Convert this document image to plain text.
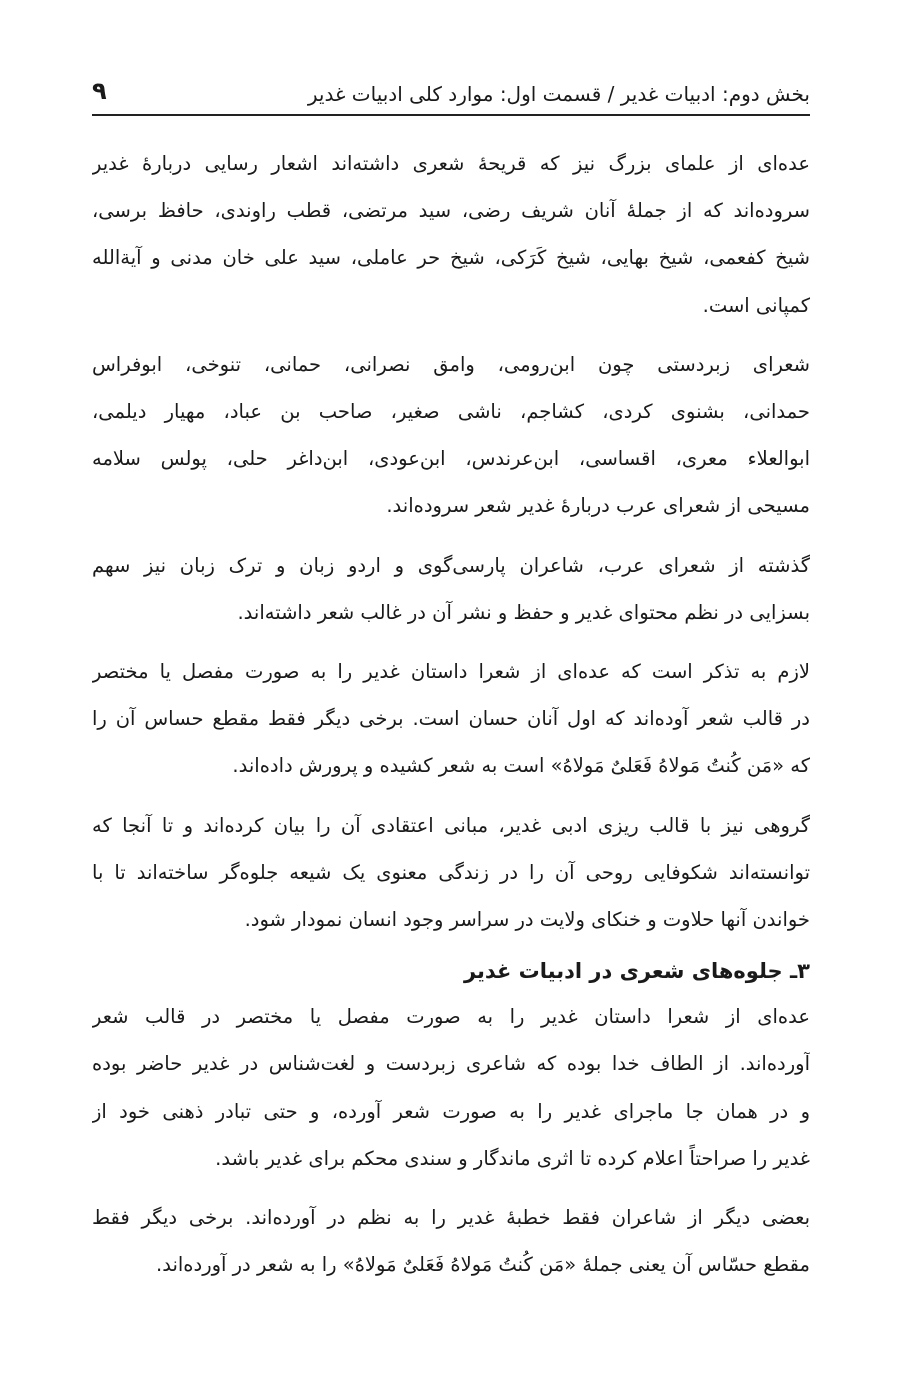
بخش دوم: ادبیات غدیر / قسمت اول: موارد کلی ادبیات غدیر
۹

عده‌ای از علمای بزرگ نیز که قریحهٔ شعری داشته‌اند اشعار رسایی دربارهٔ غدیر

سروده‌اند که از جملهٔ آنان شریف رضی، سید مرتضی، قطب راوندی، حافظ برسی،

شیخ کفعمی، شیخ بهایی، شیخ کَرَکی، شیخ حر عاملی، سید علی خان مدنی و آیة‌الله

کمپانی است.

شعرای زبردستی چون ابن‌رومی، وامق نصرانی، حمانی، تنوخی، ابوفراس

حمدانی، بشنوی کردی، کشاجم، ناشی صغیر، صاحب بن عباد، مهیار دیلمی،

ابوالعلاء معری، اقساسی، ابن‌عرندس، ابن‌عودی، ابن‌داغر حلی، پولس سلامه

مسیحی از شعرای عرب دربارهٔ غدیر شعر سروده‌اند.

گذشته از شعرای عرب، شاعران پارسی‌گوی و اردو زبان و ترک زبان نیز سهم

بسزایی در نظم محتوای غدیر و حفظ و نشر آن در غالب شعر داشته‌اند.

لازم به تذکر است که عده‌ای از شعرا داستان غدیر را به صورت مفصل یا مختصر

در قالب شعر آوده‌اند که اول آنان حسان است. برخی دیگر فقط مقطع حساس آن را

که «مَن کُنتُ مَولاهُ فَعَلیٌ مَولاهُ» است به شعر کشیده و پرورش داده‌اند.

گروهی نیز با قالب ریزی ادبی غدیر، مبانی اعتقادی آن را بیان کرده‌اند و تا آنجا که

توانسته‌اند شکوفایی روحی آن را در زندگی معنوی یک شیعه جلوه‌گر ساخته‌اند تا با

خواندن آنها حلاوت و خنکای ولایت در سراسر وجود انسان نمودار شود.

۳ـ جلوه‌های شعری در ادبیات غدیر

عده‌ای از شعرا داستان غدیر را به صورت مفصل یا مختصر در قالب شعر

آورده‌اند. از الطاف خدا بوده که شاعری زبردست و لغت‌شناس در غدیر حاضر بوده

و در همان جا ماجرای غدیر را به صورت شعر آورده، و حتی تبادر ذهنی خود از

غدیر را صراحتاً اعلام کرده تا اثری ماندگار و سندی محکم برای غدیر باشد.

بعضی دیگر از شاعران فقط خطبهٔ غدیر را به نظم در آورده‌اند. برخی دیگر فقط

مقطع حسّاس آن یعنی جملهٔ «مَن کُنتُ مَولاهُ فَعَلیٌ مَولاهُ» را به شعر در آورده‌اند.
